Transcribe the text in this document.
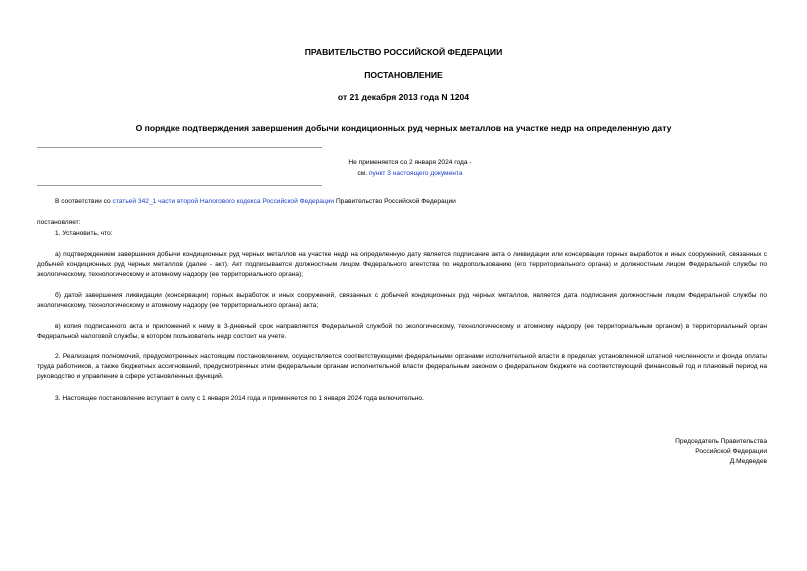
ПРАВИТЕЛЬСТВО РОССИЙСКОЙ ФЕДЕРАЦИИ
ПОСТАНОВЛЕНИЕ
от 21 декабря 2013 года N 1204
О порядке подтверждения завершения добычи кондиционных руд черных металлов на участке недр на определенную дату
Не применяется со 2 января 2024 года -
см. пункт 3 настоящего документа
В соответствии со статьей 342_1 части второй Налогового кодекса Российской Федерации Правительство Российской Федерации
постановляет:
1. Установить, что:
а) подтверждением завершения добычи кондиционных руд черных металлов на участке недр на определенную дату является подписание акта о ликвидации или консервации горных выработок и иных сооружений, связанных с добычей кондиционных руд черных металлов (далее - акт). Акт подписывается должностным лицом Федерального агентства по недропользованию (его территориального органа) и должностным лицом Федеральной службы по экологическому, технологическому и атомному надзору (ее территориального органа);
б) датой завершения ликвидации (консервации) горных выработок и иных сооружений, связанных с добычей кондиционных руд черных металлов, является дата подписания должностным лицом Федеральной службы по экологическому, технологическому и атомному надзору (ее территориального органа) акта;
в) копия подписанного акта и приложений к нему в 3-дневный срок направляется Федеральной службой по экологическому, технологическому и атомному надзору (ее территориальным органом) в территориальный орган Федеральной налоговой службы, в котором пользователь недр состоит на учете.
2. Реализация полномочий, предусмотренных настоящим постановлением, осуществляется соответствующими федеральными органами исполнительной власти в пределах установленной штатной численности и фонда оплаты труда работников, а также бюджетных ассигнований, предусмотренных этим федеральным органам исполнительной власти федеральным законом о федеральном бюджете на соответствующий финансовый год и плановый период на руководство и управление в сфере установленных функций.
3. Настоящее постановление вступает в силу с 1 января 2014 года и применяется по 1 января 2024 года включительно.
Председатель Правительства
Российской Федерации
Д.Медведев
